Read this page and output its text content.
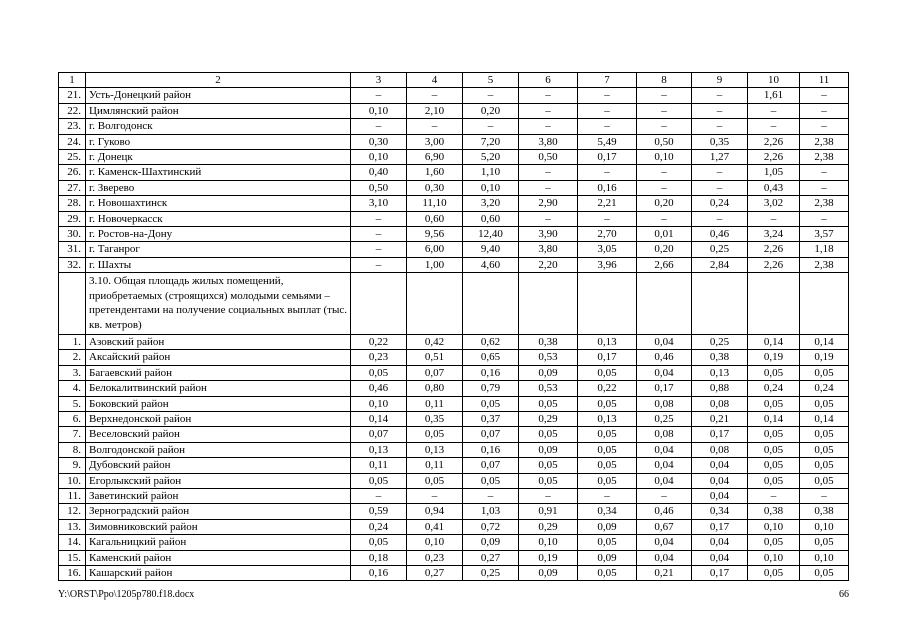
1	2	3	4	5	6	7	8	9	10	11
21.	Усть-Донецкий район	–	–	–	–	–	–	–	1,61	–
22.	Цимлянский район	0,10	2,10	0,20	–	–	–	–	–	–
23.	г. Волгодонск	–	–	–	–	–	–	–	–	–
24.	г. Гуково	0,30	3,00	7,20	3,80	5,49	0,50	0,35	2,26	2,38
25.	г. Донецк	0,10	6,90	5,20	0,50	0,17	0,10	1,27	2,26	2,38
26.	г. Каменск-Шахтинский	0,40	1,60	1,10	–	–	–	–	1,05	–
27.	г. Зверево	0,50	0,30	0,10	–	0,16	–	–	0,43	–
28.	г. Новошахтинск	3,10	11,10	3,20	2,90	2,21	0,20	0,24	3,02	2,38
29.	г. Новочеркасск	–	0,60	0,60	–	–	–	–	–	–
30.	г. Ростов-на-Дону	–	9,56	12,40	3,90	2,70	0,01	0,46	3,24	3,57
31.	г. Таганрог	–	6,00	9,40	3,80	3,05	0,20	0,25	2,26	1,18
32.	г. Шахты	–	1,00	4,60	2,20	3,96	2,66	2,84	2,26	2,38
	3.10. Общая площадь жилых помещений, приобретаемых (строящихся) молодыми семьями – претендентами на получение социальных выплат (тыс. кв. метров)									
1.	Азовский район	0,22	0,42	0,62	0,38	0,13	0,04	0,25	0,14	0,14
2.	Аксайский район	0,23	0,51	0,65	0,53	0,17	0,46	0,38	0,19	0,19
3.	Багаевский район	0,05	0,07	0,16	0,09	0,05	0,04	0,13	0,05	0,05
4.	Белокалитвинский район	0,46	0,80	0,79	0,53	0,22	0,17	0,88	0,24	0,24
5.	Боковский район	0,10	0,11	0,05	0,05	0,05	0,08	0,08	0,05	0,05
6.	Верхнедонской район	0,14	0,35	0,37	0,29	0,13	0,25	0,21	0,14	0,14
7.	Веселовский район	0,07	0,05	0,07	0,05	0,05	0,08	0,17	0,05	0,05
8.	Волгодонской район	0,13	0,13	0,16	0,09	0,05	0,04	0,08	0,05	0,05
9.	Дубовский район	0,11	0,11	0,07	0,05	0,05	0,04	0,04	0,05	0,05
10.	Егорлыкский район	0,05	0,05	0,05	0,05	0,05	0,04	0,04	0,05	0,05
11.	Заветинский район	–	–	–	–	–	–	0,04	–	–
12.	Зерноградский район	0,59	0,94	1,03	0,91	0,34	0,46	0,34	0,38	0,38
13.	Зимовниковский район	0,24	0,41	0,72	0,29	0,09	0,67	0,17	0,10	0,10
14.	Кагальницкий район	0,05	0,10	0,09	0,10	0,05	0,04	0,04	0,05	0,05
15.	Каменский район	0,18	0,23	0,27	0,19	0,09	0,04	0,04	0,10	0,10
16.	Кашарский район	0,16	0,27	0,25	0,09	0,05	0,21	0,17	0,05	0,05
Y:\ORST\Ppo\1205p780.f18.docx	66
